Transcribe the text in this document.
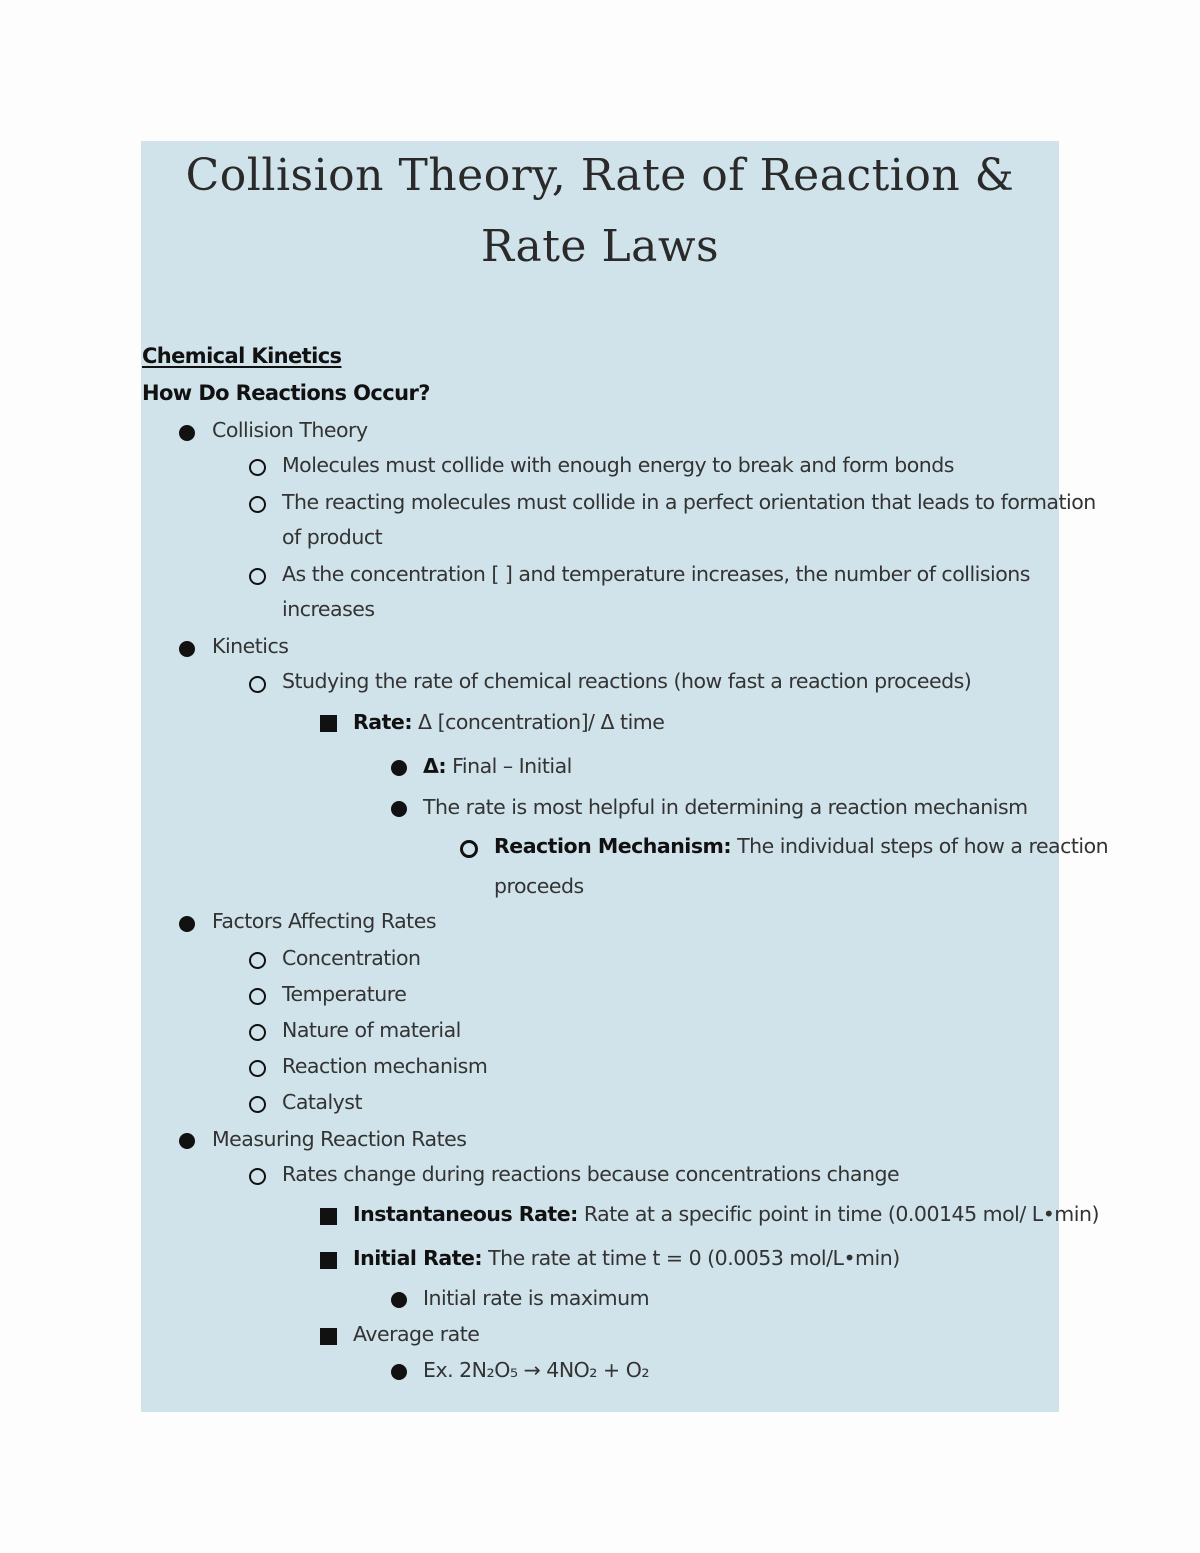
Collision Theory, Rate of Reaction &
Rate Laws
Chemical Kinetics
How Do Reactions Occur?
Collision Theory
Molecules must collide with enough energy to break and form bonds
The reacting molecules must collide in a perfect orientation that leads to formation
of product
As the concentration [ ] and temperature increases, the number of collisions
increases
Kinetics
Studying the rate of chemical reactions (how fast a reaction proceeds)
Rate: Δ [concentration]/ Δ time
Δ: Final – Initial
The rate is most helpful in determining a reaction mechanism
Reaction Mechanism: The individual steps of how a reaction
proceeds
Factors Affecting Rates
Concentration
Temperature
Nature of material
Reaction mechanism
Catalyst
Measuring Reaction Rates
Rates change during reactions because concentrations change
Instantaneous Rate: Rate at a specific point in time (0.00145 mol/ L•min)
Initial Rate: The rate at time t = 0 (0.0053 mol/L•min)
Initial rate is maximum
Average rate
Ex. 2N₂O₅ → 4NO₂ + O₂
